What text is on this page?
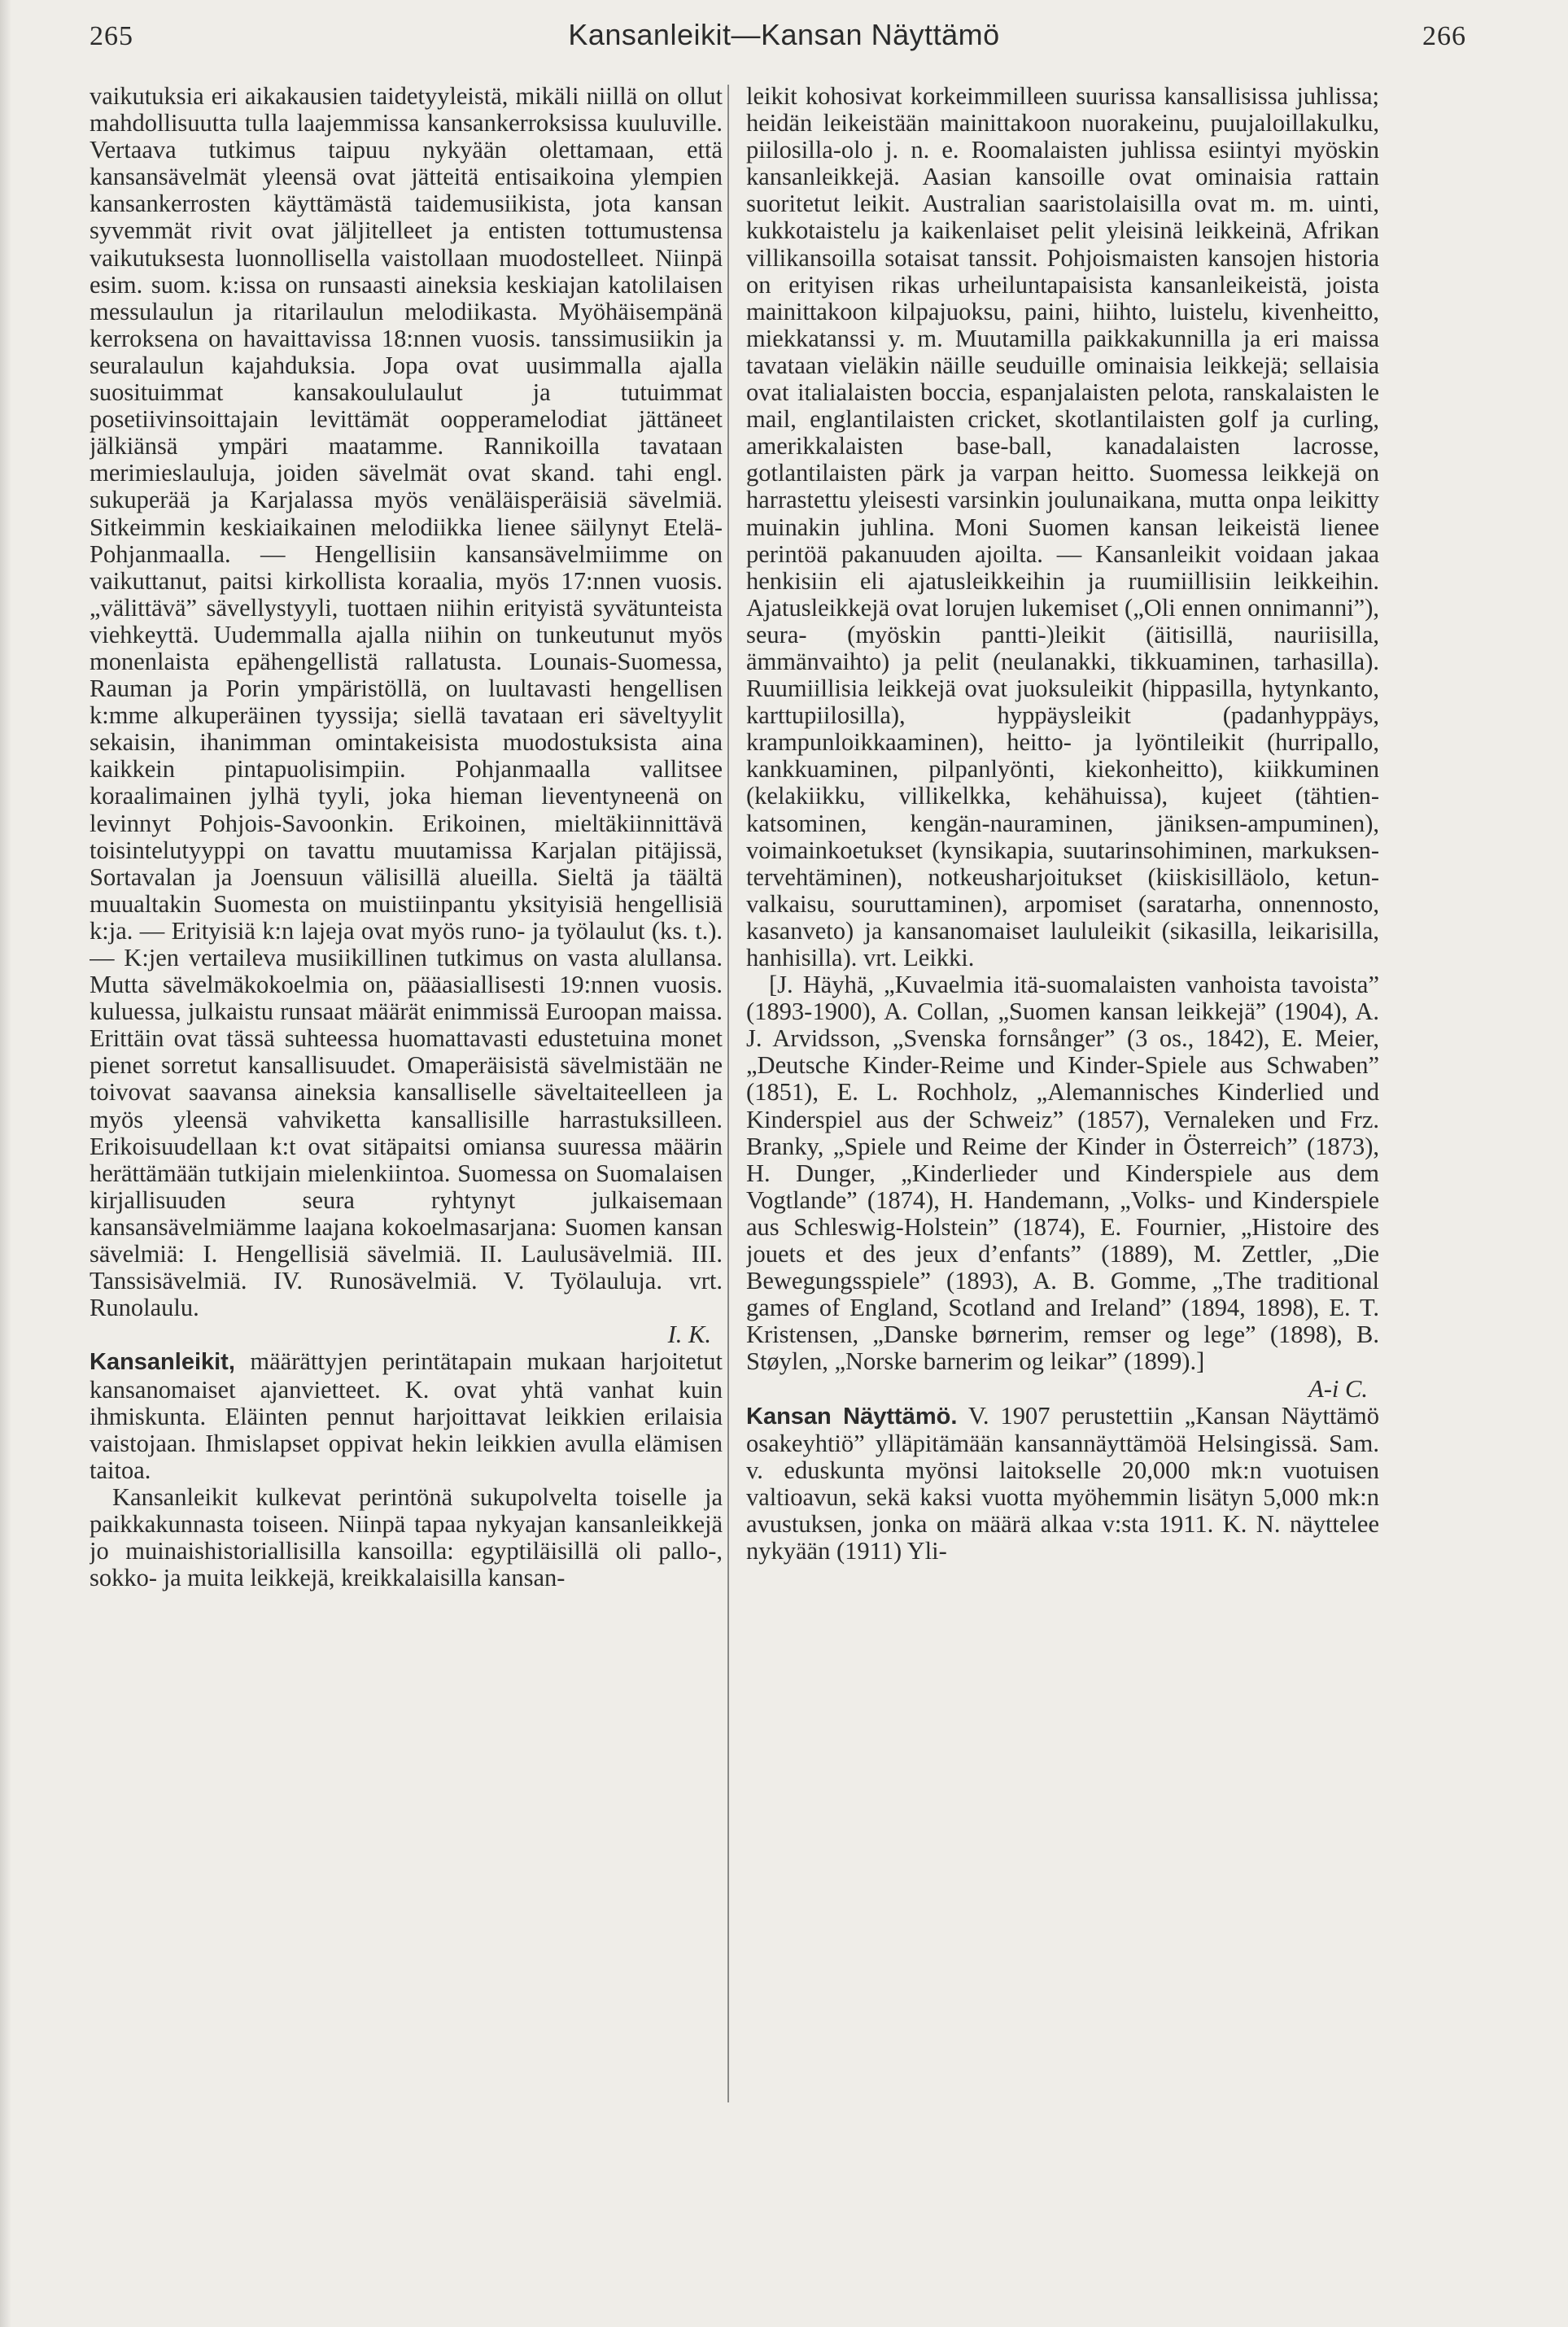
265	Kansanleikit—Kansan Näyttämö	266

vaikutuksia eri aikakausien taidetyyleistä, mikäli niillä on ollut mahdollisuutta tulla laajemmissa kansankerroksissa kuuluville. Vertaava tutkimus taipuu nykyään olettamaan, että kansansävelmät yleensä ovat jätteitä entisaikoina ylempien kansankerrosten käyttämästä taidemusiikista, jota kansan syvemmät rivit ovat jäljitelleet ja entisten tottumustensa vaikutuksesta luonnollisella vaistollaan muodostelleet. Niinpä esim. suom. k:issa on runsaasti aineksia keskiajan katolilaisen messulaulun ja ritarilaulun melodiikasta. Myöhäisempänä kerroksena on havaittavissa 18:nnen vuosis. tanssimusiikin ja seuralaulun kajahduksia. Jopa ovat uusimmalla ajalla suosituimmat kansakoululaulut ja tutuimmat posetiivinsoittajain levittämät oopperamelodiat jättäneet jälkiänsä ympäri maatamme. Rannikoilla tavataan merimieslauluja, joiden sävelmät ovat skand. tahi engl. sukuperää ja Karjalassa myös venäläisperäisiä sävelmiä. Sitkeimmin keskiaikainen melodiikka lienee säilynyt Etelä-Pohjanmaalla. — Hengellisiin kansansävelmiimme on vaikuttanut, paitsi kirkollista koraalia, myös 17:nnen vuosis. „välittävä” sävellystyyli, tuottaen niihin erityistä syvätunteista viehkeyttä. Uudemmalla ajalla niihin on tunkeutunut myös monenlaista epähengellistä rallatusta. Lounais-Suomessa, Rauman ja Porin ympäristöllä, on luultavasti hengellisen k:mme alkuperäinen tyyssija; siellä tavataan eri säveltyylit sekaisin, ihanimman omintakeisista muodostuksista aina kaikkein pintapuolisimpiin. Pohjanmaalla vallitsee koraalimainen jylhä tyyli, joka hieman lieventyneenä on levinnyt Pohjois-Savoonkin. Erikoinen, mieltäkiinnittävä toisintelutyyppi on tavattu muutamissa Karjalan pitäjissä, Sortavalan ja Joensuun välisillä alueilla. Sieltä ja täältä muualtakin Suomesta on muistiinpantu yksityisiä hengellisiä k:ja. — Erityisiä k:n lajeja ovat myös runo- ja työlaulut (ks. t.). — K:jen vertaileva musiikillinen tutkimus on vasta alullansa. Mutta sävelmäkokoelmia on, pääasiallisesti 19:nnen vuosis. kuluessa, julkaistu runsaat määrät enimmissä Euroopan maissa. Erittäin ovat tässä suhteessa huomattavasti edustetuina monet pienet sorretut kansallisuudet. Omaperäisistä sävelmistään ne toivovat saavansa aineksia kansalliselle säveltaiteelleen ja myös yleensä vahviketta kansallisille harrastuksilleen. Erikoisuudellaan k:t ovat sitäpaitsi omiansa suuressa määrin herättämään tutkijain mielenkiintoa. Suomessa on Suomalaisen kirjallisuuden seura ryhtynyt julkaisemaan kansansävelmiämme laajana kokoelmasarjana: Suomen kansan sävelmiä: I. Hengellisiä sävelmiä. II. Laulusävelmiä. III. Tanssisävelmiä. IV. Runosävelmiä. V. Työlauluja. vrt. Runolaulu.

I. K.

Kansanleikit, määrättyjen perintätapain mukaan harjoitetut kansanomaiset ajanvietteet. K. ovat yhtä vanhat kuin ihmiskunta. Eläinten pennut harjoittavat leikkien erilaisia vaistojaan. Ihmislapset oppivat hekin leikkien avulla elämisen taitoa.

Kansanleikit kulkevat perintönä sukupolvelta toiselle ja paikkakunnasta toiseen. Niinpä tapaa nykyajan kansanleikkejä jo muinaishistoriallisilla kansoilla: egyptiläisillä oli pallo-, sokko- ja muita leikkejä, kreikkalaisilla kansan-

leikit kohosivat korkeimmilleen suurissa kansallisissa juhlissa; heidän leikeistään mainittakoon nuorakeinu, puujaloillakulku, piilosilla-olo j. n. e. Roomalaisten juhlissa esiintyi myöskin kansanleikkejä. Aasian kansoille ovat ominaisia rattain suoritetut leikit. Australian saaristolaisilla ovat m. m. uinti, kukkotaistelu ja kaikenlaiset pelit yleisinä leikkeinä, Afrikan villikansoilla sotaisat tanssit. Pohjoismaisten kansojen historia on erityisen rikas urheiluntapaisista kansanleikeistä, joista mainittakoon kilpajuoksu, paini, hiihto, luistelu, kivenheitto, miekkatanssi y. m. Muutamilla paikkakunnilla ja eri maissa tavataan vieläkin näille seuduille ominaisia leikkejä; sellaisia ovat italialaisten boccia, espanjalaisten pelota, ranskalaisten le mail, englantilaisten cricket, skotlantilaisten golf ja curling, amerikkalaisten base-ball, kanadalaisten lacrosse, gotlantilaisten pärk ja varpan heitto. Suomessa leikkejä on harrastettu yleisesti varsinkin joulunaikana, mutta onpa leikitty muinakin juhlina. Moni Suomen kansan leikeistä lienee perintöä pakanuuden ajoilta. — Kansanleikit voidaan jakaa henkisiin eli ajatusleikkeihin ja ruumiillisiin leikkeihin. Ajatusleikkejä ovat lorujen lukemiset („Oli ennen onnimanni”), seura- (myöskin pantti-)leikit (äitisillä, nauriisilla, ämmänvaihto) ja pelit (neulanakki, tikkuaminen, tarhasilla). Ruumiillisia leikkejä ovat juoksuleikit (hippasilla, hytynkanto, karttupiilosilla), hyppäysleikit (padanhyppäys, krampunloikkaaminen), heitto- ja lyöntileikit (hurripallo, kankkuaminen, pilpanlyönti, kiekonheitto), kiikkuminen (kelakiikku, villikelkka, kehähuissa), kujeet (tähtien-katsominen, kengän-nauraminen, jäniksen-ampuminen), voimainkoetukset (kynsikapia, suutarinsohiminen, markuksen-tervehtäminen), notkeusharjoitukset (kiiskisilläolo, ketun-valkaisu, souruttaminen), arpomiset (saratarha, onnennosto, kasanveto) ja kansanomaiset laululeikit (sikasilla, leikarisilla, hanhisilla). vrt. Leikki.

[J. Häyhä, „Kuvaelmia itä-suomalaisten vanhoista tavoista” (1893-1900), A. Collan, „Suomen kansan leikkejä” (1904), A. J. Arvidsson, „Svenska fornsånger” (3 os., 1842), E. Meier, „Deutsche Kinder-Reime und Kinder-Spiele aus Schwaben” (1851), E. L. Rochholz, „Alemannisches Kinderlied und Kinderspiel aus der Schweiz” (1857), Vernaleken und Frz. Branky, „Spiele und Reime der Kinder in Österreich” (1873), H. Dunger, „Kinderlieder und Kinderspiele aus dem Vogtlande” (1874), H. Handemann, „Volks- und Kinderspiele aus Schleswig-Holstein” (1874), E. Fournier, „Histoire des jouets et des jeux d’enfants” (1889), M. Zettler, „Die Bewegungsspiele” (1893), A. B. Gomme, „The traditional games of England, Scotland and Ireland” (1894, 1898), E. T. Kristensen, „Danske børnerim, remser og lege” (1898), B. Støylen, „Norske barnerim og leikar” (1899).]

A-i C.

Kansan Näyttämö. V. 1907 perustettiin „Kansan Näyttämö osakeyhtiö” ylläpitämään kansannäyttämöä Helsingissä. Sam. v. eduskunta myönsi laitokselle 20,000 mk:n vuotuisen valtioavun, sekä kaksi vuotta myöhemmin lisätyn 5,000 mk:n avustuksen, jonka on määrä alkaa v:sta 1911. K. N. näyttelee nykyään (1911) Yli-
